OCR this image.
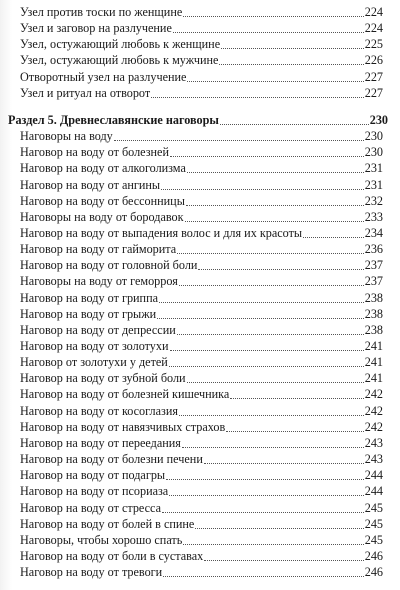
Узел против тоски по женщине	224
Узел и заговор на разлучение	224
Узел, остужающий любовь к женщине	225
Узел, остужающий любовь к мужчине	226
Отворотный узел на разлучение	227
Узел и ритуал на отворот	227
Раздел 5. Древнеславянские наговоры	230
Наговоры на воду	230
Наговор на воду от болезней	230
Наговор на воду от алкоголизма	231
Наговор на воду от ангины	231
Наговор на воду от бессонницы	232
Наговоры на воду от бородавок	233
Наговор на воду от выпадения волос и для их красоты	234
Наговор на воду от гайморита	236
Наговор на воду от головной боли	237
Наговоры на воду от геморроя	237
Наговор на воду от гриппа	238
Наговор на воду от грыжи	238
Наговор на воду от депрессии	238
Наговор на воду от золотухи	241
Наговор от золотухи у детей	241
Наговор на воду от зубной боли	241
Наговор на воду от болезней кишечника	242
Наговор на воду от косоглазия	242
Наговор на воду от навязчивых страхов	242
Наговор на воду от переедания	243
Наговор на воду от болезни печени	243
Наговор на воду от подагры	244
Наговор на воду от псориаза	244
Наговор на воду от стресса	245
Наговор на воду от болей в спине	245
Наговоры, чтобы хорошо спать	245
Наговор на воду от боли в суставах	246
Наговор на воду от тревоги	246
